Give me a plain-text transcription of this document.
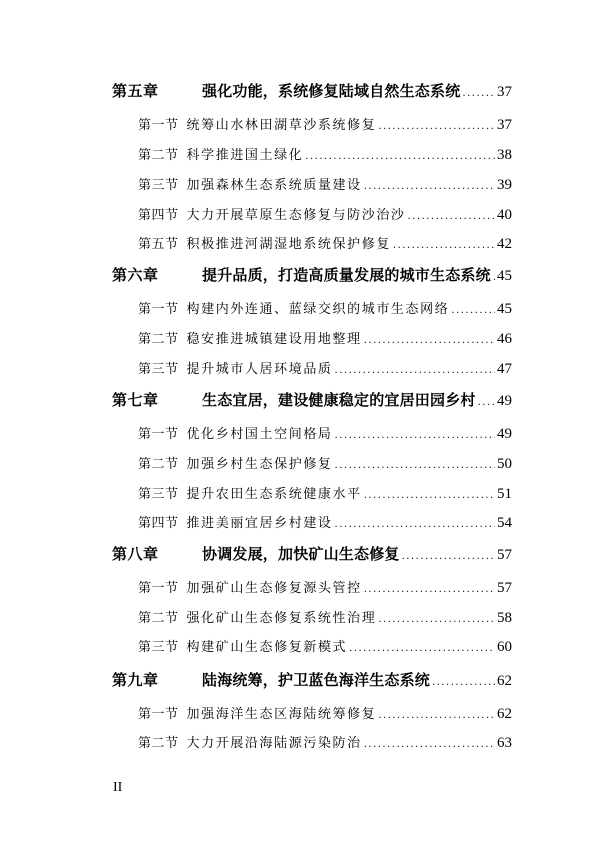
第五章	强化功能，系统修复陆域自然生态系统 ..... 37
第一节 统筹山水林田湖草沙系统修复 .....	37
第二节 科学推进国土绿化 .....	38
第三节 加强森林生态系统质量建设 .....	39
第四节 大力开展草原生态修复与防沙治沙 .....	40
第五节 积极推进河湖湿地系统保护修复 .....	42
第六章	提升品质，打造高质量发展的城市生态系统 ..... 45
第一节 构建内外连通、蓝绿交织的城市生态网络 .....	45
第二节 稳安推进城镇建设用地整理 .....	46
第三节 提升城市人居环境品质 .....	47
第七章	生态宜居，建设健康稳定的宜居田园乡村 ..... 49
第一节 优化乡村国土空间格局 .....	49
第二节 加强乡村生态保护修复 .....	50
第三节 提升农田生态系统健康水平 .....	51
第四节 推进美丽宜居乡村建设 .....	54
第八章	协调发展，加快矿山生态修复 .....	57
第一节 加强矿山生态修复源头管控 .....	57
第二节 强化矿山生态修复系统性治理 .....	58
第三节 构建矿山生态修复新模式 .....	60
第九章	陆海统筹，护卫蓝色海洋生态系统 .....	62
第一节 加强海洋生态区海陆统筹修复 .....	62
第二节 大力开展沿海陆源污染防治 .....	63
II
